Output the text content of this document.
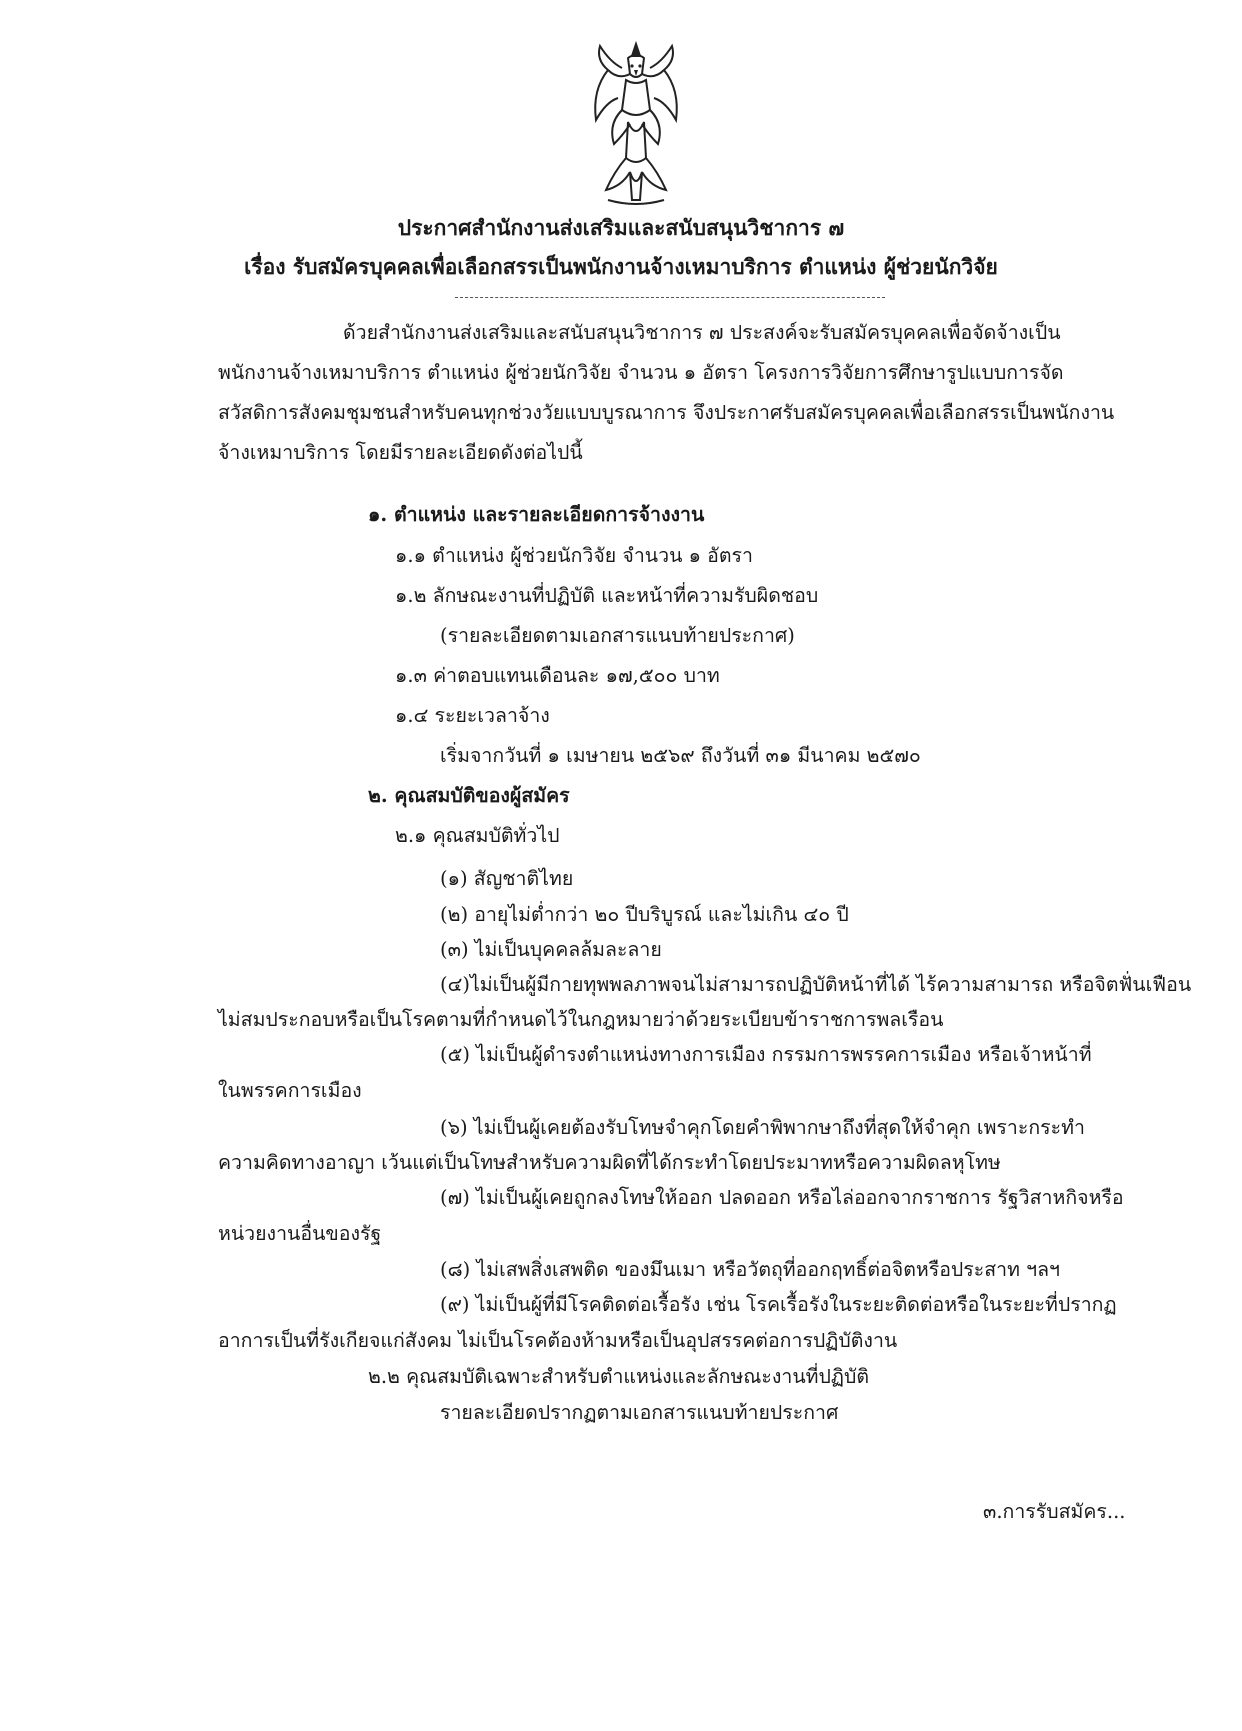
ประกาศสำนักงานส่งเสริมและสนับสนุนวิชาการ ๗
เรื่อง รับสมัครบุคคลเพื่อเลือกสรรเป็นพนักงานจ้างเหมาบริการ ตำแหน่ง ผู้ช่วยนักวิจัย
ด้วยสำนักงานส่งเสริมและสนับสนุนวิชาการ ๗ ประสงค์จะรับสมัครบุคคลเพื่อจัดจ้างเป็น
พนักงานจ้างเหมาบริการ ตำแหน่ง ผู้ช่วยนักวิจัย จำนวน ๑ อัตรา โครงการวิจัยการศึกษารูปแบบการจัด
สวัสดิการสังคมชุมชนสำหรับคนทุกช่วงวัยแบบบูรณาการ จึงประกาศรับสมัครบุคคลเพื่อเลือกสรรเป็นพนักงาน
จ้างเหมาบริการ โดยมีรายละเอียดดังต่อไปนี้
๑. ตำแหน่ง และรายละเอียดการจ้างงาน
๑.๑ ตำแหน่ง ผู้ช่วยนักวิจัย จำนวน ๑ อัตรา
๑.๒ ลักษณะงานที่ปฏิบัติ และหน้าที่ความรับผิดชอบ
(รายละเอียดตามเอกสารแนบท้ายประกาศ)
๑.๓ ค่าตอบแทนเดือนละ ๑๗,๕๐๐ บาท
๑.๔ ระยะเวลาจ้าง
เริ่มจากวันที่ ๑ เมษายน ๒๕๖๙ ถึงวันที่ ๓๑ มีนาคม ๒๕๗๐
๒. คุณสมบัติของผู้สมัคร
๒.๑ คุณสมบัติทั่วไป
(๑) สัญชาติไทย
(๒) อายุไม่ต่ำกว่า ๒๐ ปีบริบูรณ์ และไม่เกิน ๔๐ ปี
(๓) ไม่เป็นบุคคลล้มละลาย
(๔)ไม่เป็นผู้มีกายทุพพลภาพจนไม่สามารถปฏิบัติหน้าที่ได้ ไร้ความสามารถ หรือจิตฟั่นเฟือน
ไม่สมประกอบหรือเป็นโรคตามที่กำหนดไว้ในกฎหมายว่าด้วยระเบียบข้าราชการพลเรือน
(๕) ไม่เป็นผู้ดำรงตำแหน่งทางการเมือง กรรมการพรรคการเมือง หรือเจ้าหน้าที่
ในพรรคการเมือง
(๖) ไม่เป็นผู้เคยต้องรับโทษจำคุกโดยคำพิพากษาถึงที่สุดให้จำคุก เพราะกระทำ
ความคิดทางอาญา เว้นแต่เป็นโทษสำหรับความผิดที่ได้กระทำโดยประมาทหรือความผิดลหุโทษ
(๗) ไม่เป็นผู้เคยถูกลงโทษให้ออก ปลดออก หรือไล่ออกจากราชการ รัฐวิสาหกิจหรือ
หน่วยงานอื่นของรัฐ
(๘) ไม่เสพสิ่งเสพติด ของมึนเมา หรือวัตถุที่ออกฤทธิ์ต่อจิตหรือประสาท ฯลฯ
(๙) ไม่เป็นผู้ที่มีโรคติดต่อเรื้อรัง เช่น โรคเรื้อรังในระยะติดต่อหรือในระยะที่ปรากฏ
อาการเป็นที่รังเกียจแก่สังคม ไม่เป็นโรคต้องห้ามหรือเป็นอุปสรรคต่อการปฏิบัติงาน
๒.๒ คุณสมบัติเฉพาะสำหรับตำแหน่งและลักษณะงานที่ปฏิบัติ
รายละเอียดปรากฏตามเอกสารแนบท้ายประกาศ
๓.การรับสมัคร...
